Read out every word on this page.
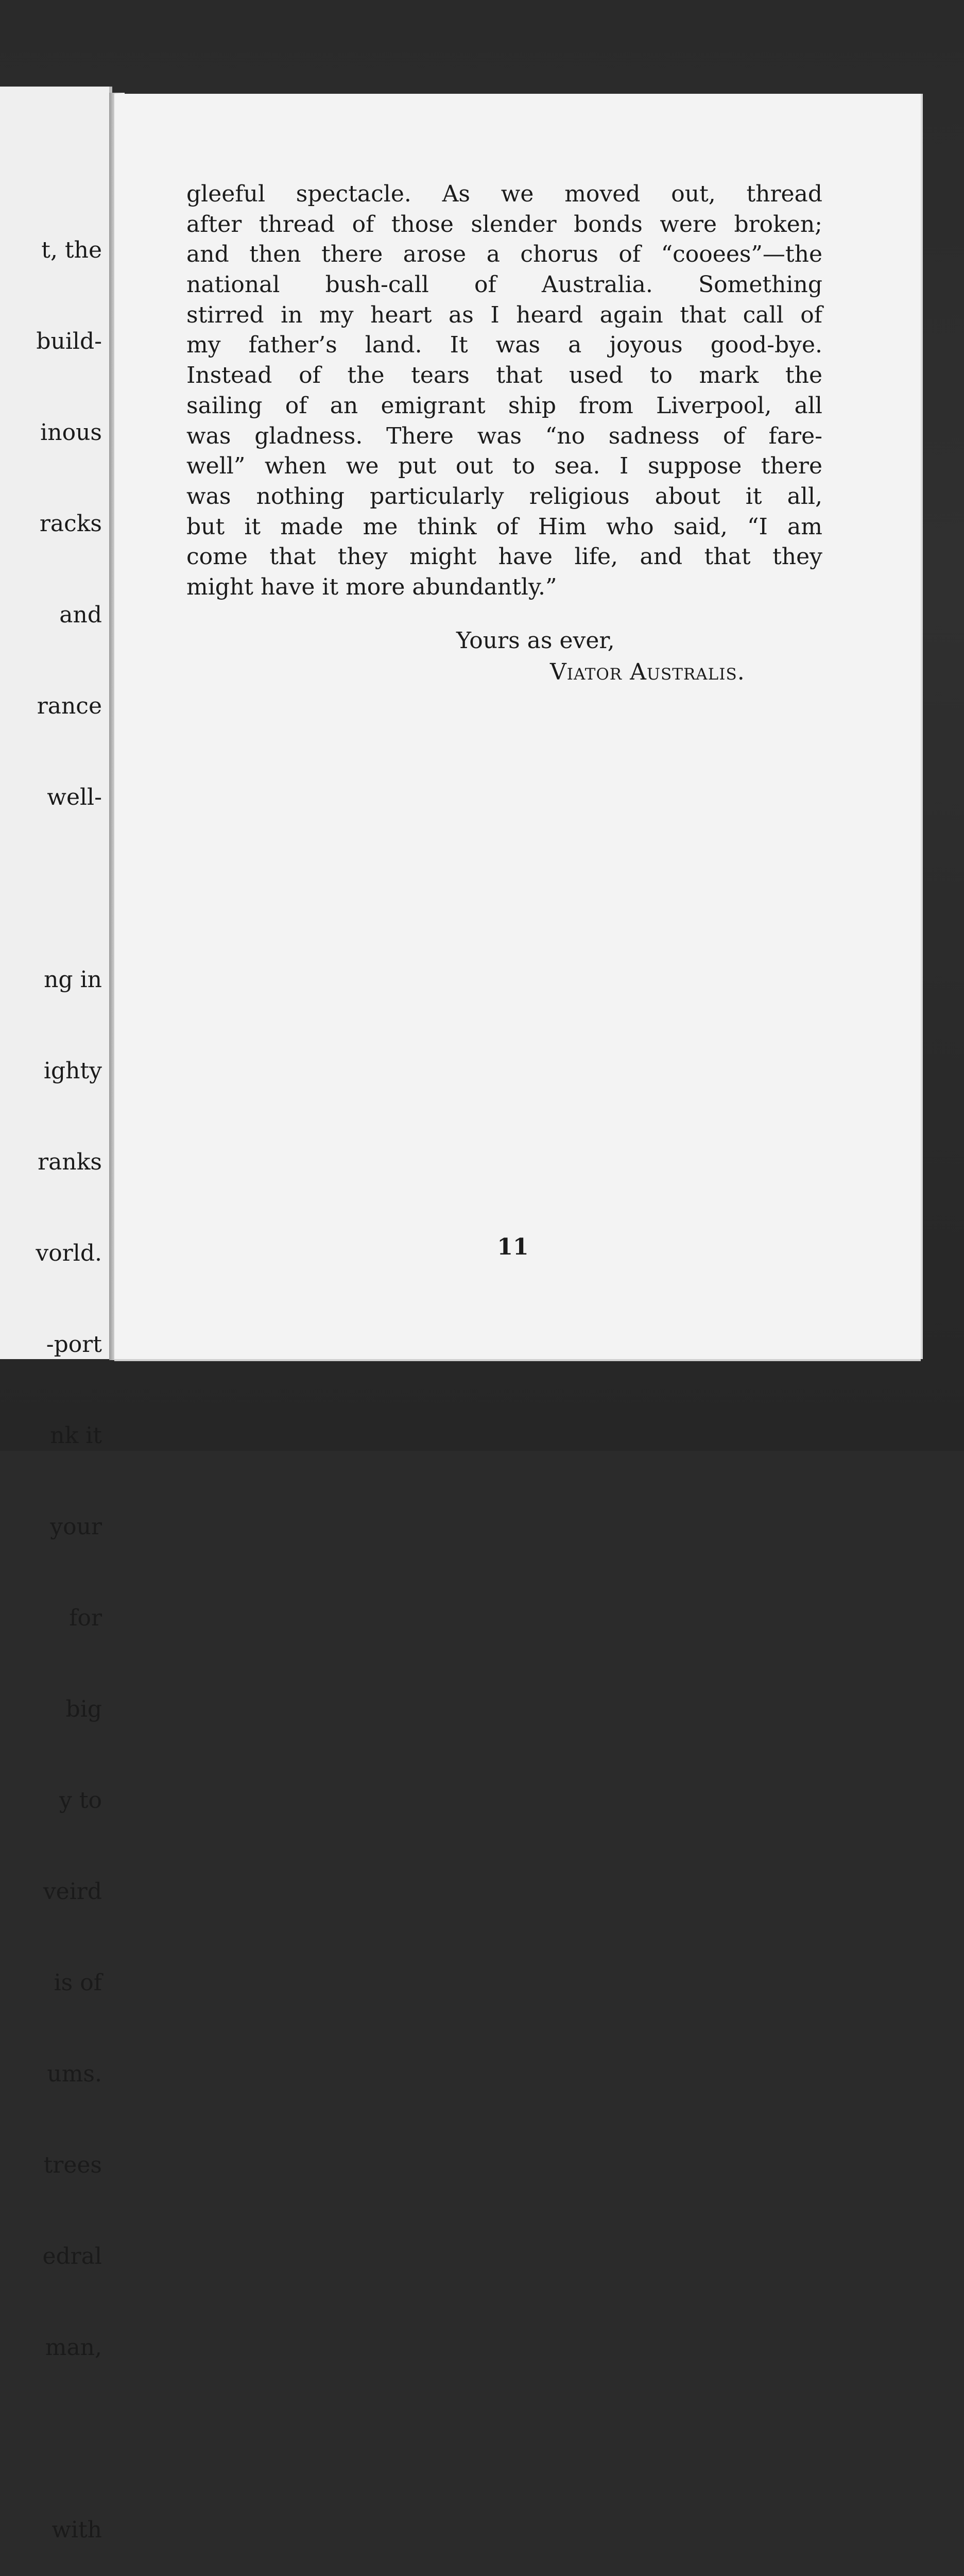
t, the

build-

inous

racks

and

rance

well-

ng in

ighty

ranks

vorld.

-port

nk it

your

for

big

y to

veird

is of

ums.

trees

edral

man,

with

gleeful spectacle. As we moved out, thread
after thread of those slender bonds were broken;
and then there arose a chorus of “cooees”—the
national bush-call of Australia. Something
stirred in my heart as I heard again that call of
my father’s land. It was a joyous good-bye.
Instead of the tears that used to mark the
sailing of an emigrant ship from Liverpool, all
was gladness. There was “no sadness of fare-
well” when we put out to sea. I suppose there
was nothing particularly religious about it all,
but it made me think of Him who said, “I am
come that they might have life, and that they
might have it more abundantly.”
Yours as ever,
Viator Australis.
11
